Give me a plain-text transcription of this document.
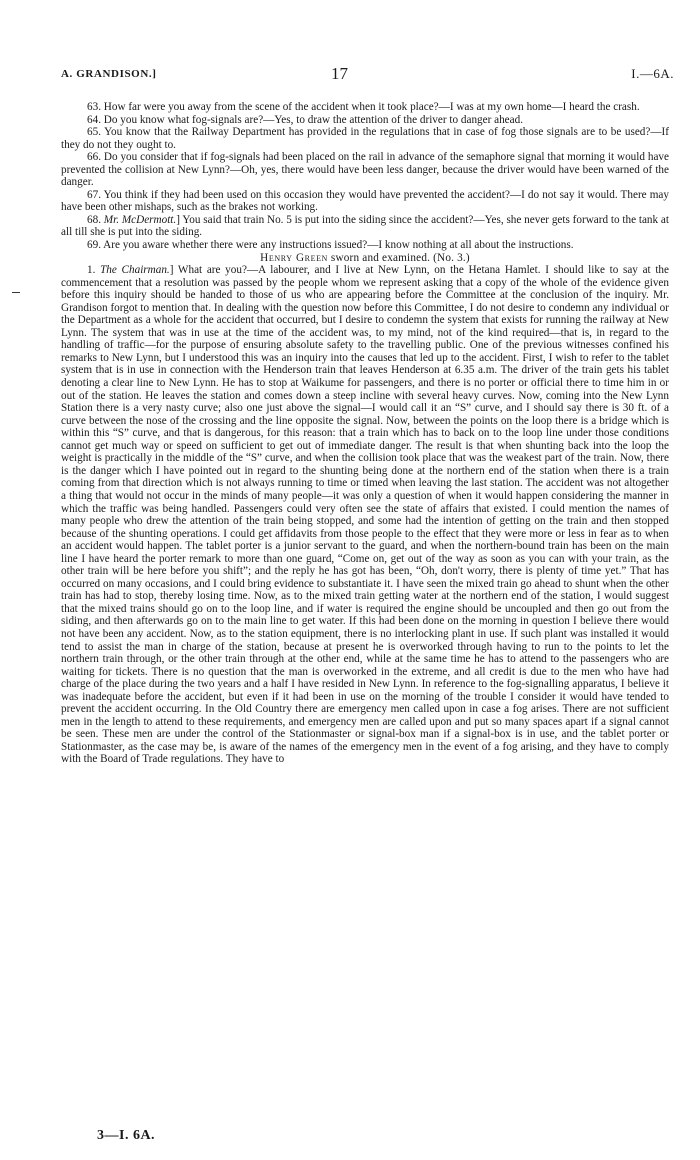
A. GRANDISON.]	17	I.—6A.

63. How far were you away from the scene of the accident when it took place?—I was at my own home—I heard the crash.

64. Do you know what fog-signals are?—Yes, to draw the attention of the driver to danger ahead.

65. You know that the Railway Department has provided in the regulations that in case of fog those signals are to be used?—If they do not they ought to.

66. Do you consider that if fog-signals had been placed on the rail in advance of the semaphore signal that morning it would have prevented the collision at New Lynn?—Oh, yes, there would have been less danger, because the driver would have been warned of the danger.

67. You think if they had been used on this occasion they would have prevented the accident?—I do not say it would. There may have been other mishaps, such as the brakes not working.

68. Mr. McDermott.] You said that train No. 5 is put into the siding since the accident?—Yes, she never gets forward to the tank at all till she is put into the siding.

69. Are you aware whether there were any instructions issued?—I know nothing at all about the instructions.

Henry Green sworn and examined. (No. 3.)

1. The Chairman.] What are you?—A labourer, and I live at New Lynn, on the Hetana Hamlet. I should like to say at the commencement that a resolution was passed by the people whom we represent asking that a copy of the whole of the evidence given before this inquiry should be handed to those of us who are appearing before the Committee at the conclusion of the inquiry. Mr. Grandison forgot to mention that. In dealing with the question now before this Committee, I do not desire to condemn any individual or the Department as a whole for the accident that occurred, but I desire to condemn the system that exists for running the railway at New Lynn. The system that was in use at the time of the accident was, to my mind, not of the kind required—that is, in regard to the handling of traffic—for the purpose of ensuring absolute safety to the travelling public. One of the previous witnesses confined his remarks to New Lynn, but I understood this was an inquiry into the causes that led up to the accident. First, I wish to refer to the tablet system that is in use in connection with the Henderson train that leaves Henderson at 6.35 a.m. The driver of the train gets his tablet denoting a clear line to New Lynn. He has to stop at Waikume for passengers, and there is no porter or official there to time him in or out of the station. He leaves the station and comes down a steep incline with several heavy curves. Now, coming into the New Lynn Station there is a very nasty curve; also one just above the signal—I would call it an “S” curve, and I should say there is 30 ft. of a curve between the nose of the crossing and the line opposite the signal. Now, between the points on the loop there is a bridge which is within this “S” curve, and that is dangerous, for this reason: that a train which has to back on to the loop line under those conditions cannot get much way or speed on sufficient to get out of immediate danger. The result is that when shunting back into the loop the weight is practically in the middle of the “S” curve, and when the collision took place that was the weakest part of the train. Now, there is the danger which I have pointed out in regard to the shunting being done at the northern end of the station when there is a train coming from that direction which is not always running to time or timed when leaving the last station. The accident was not altogether a thing that would not occur in the minds of many people—it was only a question of when it would happen considering the manner in which the traffic was being handled. Passengers could very often see the state of affairs that existed. I could mention the names of many people who drew the attention of the train being stopped, and some had the intention of getting on the train and then stopped because of the shunting operations. I could get affidavits from those people to the effect that they were more or less in fear as to when an accident would happen. The tablet porter is a junior servant to the guard, and when the northern-bound train has been on the main line I have heard the porter remark to more than one guard, “Come on, get out of the way as soon as you can with your train, as the other train will be here before you shift”; and the reply he has got has been, “Oh, don't worry, there is plenty of time yet.” That has occurred on many occasions, and I could bring evidence to substantiate it. I have seen the mixed train go ahead to shunt when the other train has had to stop, thereby losing time. Now, as to the mixed train getting water at the northern end of the station, I would suggest that the mixed trains should go on to the loop line, and if water is required the engine should be uncoupled and then go out from the siding, and then afterwards go on to the main line to get water. If this had been done on the morning in question I believe there would not have been any accident. Now, as to the station equipment, there is no interlocking plant in use. If such plant was installed it would tend to assist the man in charge of the station, because at present he is overworked through having to run to the points to let the northern train through, or the other train through at the other end, while at the same time he has to attend to the passengers who are waiting for tickets. There is no question that the man is overworked in the extreme, and all credit is due to the men who have had charge of the place during the two years and a half I have resided in New Lynn. In reference to the fog-signalling apparatus, I believe it was inadequate before the accident, but even if it had been in use on the morning of the trouble I consider it would have tended to prevent the accident occurring. In the Old Country there are emergency men called upon in case a fog arises. There are not sufficient men in the length to attend to these requirements, and emergency men are called upon and put so many spaces apart if a signal cannot be seen. These men are under the control of the Stationmaster or signal-box man if a signal-box is in use, and the tablet porter or Stationmaster, as the case may be, is aware of the names of the emergency men in the event of a fog arising, and they have to comply with the Board of Trade regulations. They have to

3—I. 6A.
